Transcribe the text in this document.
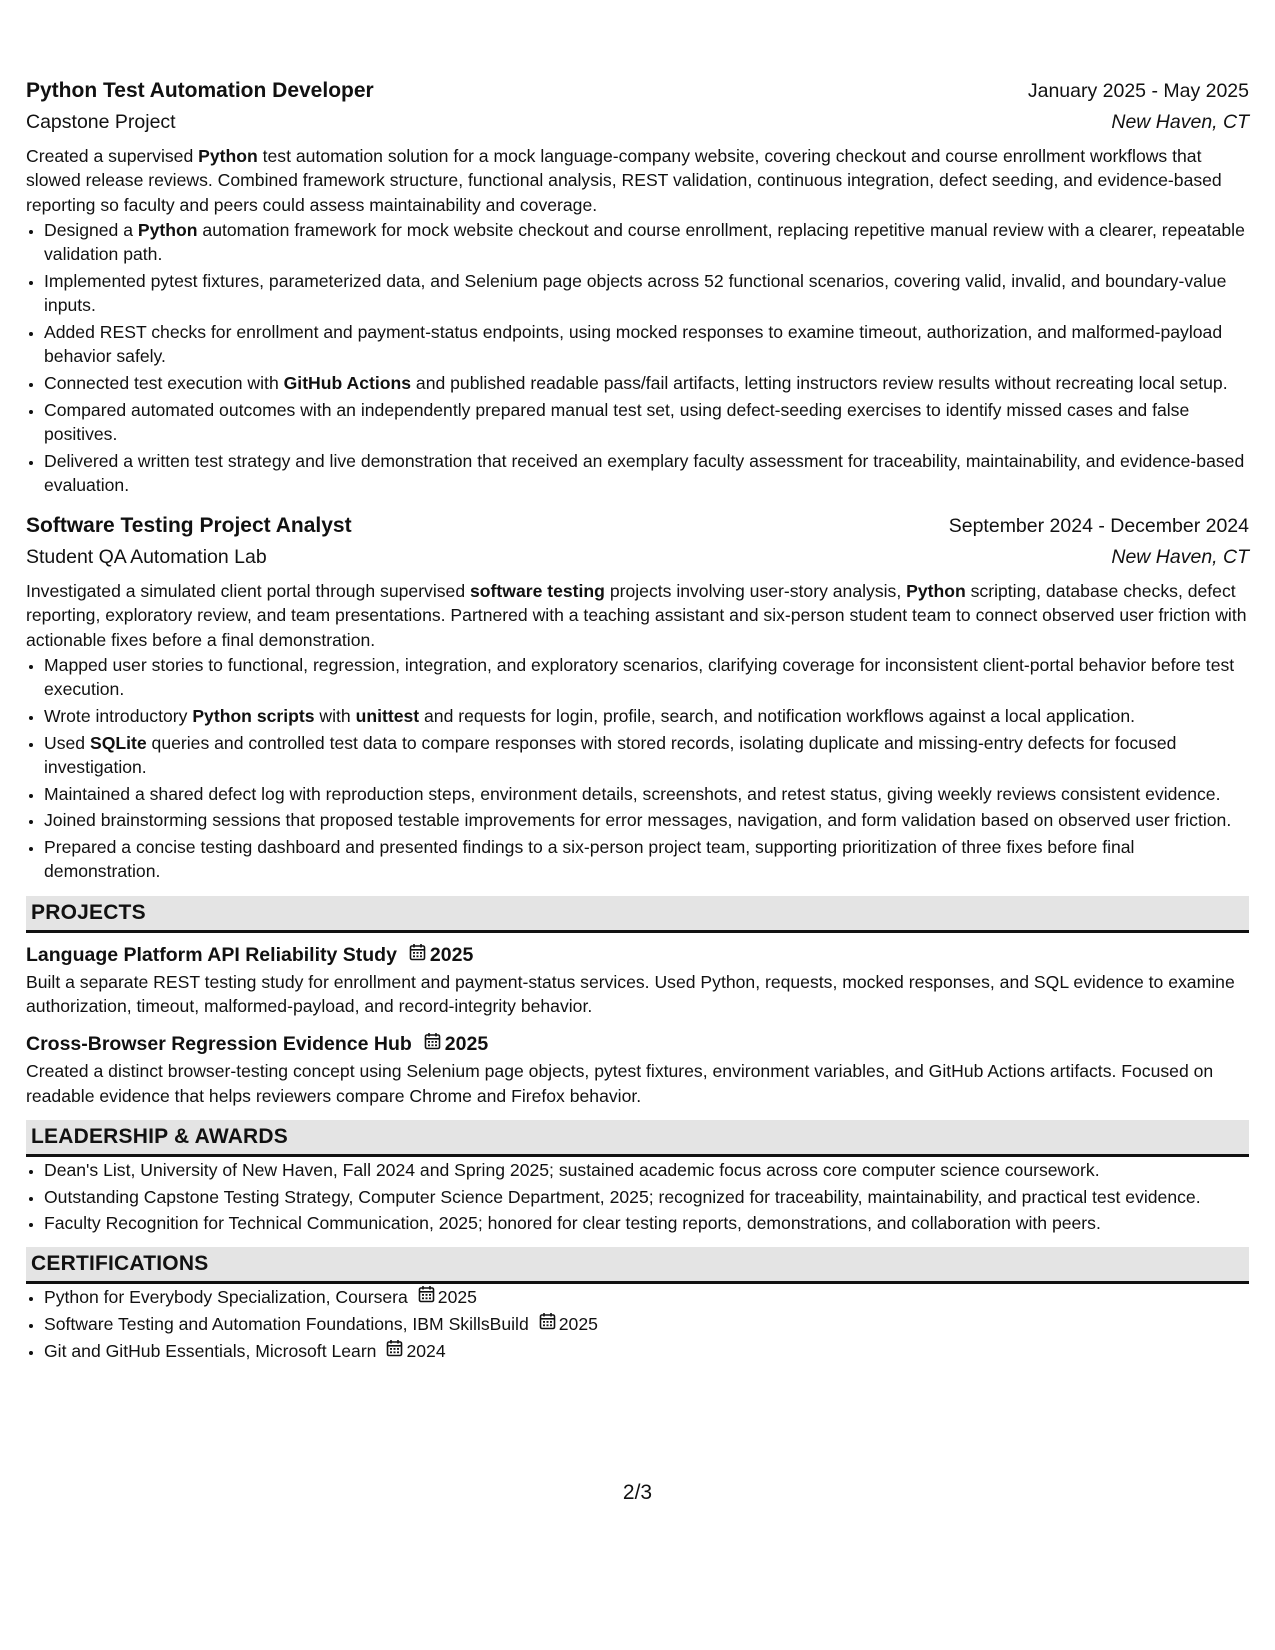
Python Test Automation Developer	January 2025 - May 2025
Capstone Project	New Haven, CT
Created a supervised Python test automation solution for a mock language-company website, covering checkout and course enrollment workflows that slowed release reviews. Combined framework structure, functional analysis, REST validation, continuous integration, defect seeding, and evidence-based reporting so faculty and peers could assess maintainability and coverage.
• Designed a Python automation framework for mock website checkout and course enrollment, replacing repetitive manual review with a clearer, repeatable validation path.
• Implemented pytest fixtures, parameterized data, and Selenium page objects across 52 functional scenarios, covering valid, invalid, and boundary-value inputs.
• Added REST checks for enrollment and payment-status endpoints, using mocked responses to examine timeout, authorization, and malformed-payload behavior safely.
• Connected test execution with GitHub Actions and published readable pass/fail artifacts, letting instructors review results without recreating local setup.
• Compared automated outcomes with an independently prepared manual test set, using defect-seeding exercises to identify missed cases and false positives.
• Delivered a written test strategy and live demonstration that received an exemplary faculty assessment for traceability, maintainability, and evidence-based evaluation.
Software Testing Project Analyst	September 2024 - December 2024
Student QA Automation Lab	New Haven, CT
Investigated a simulated client portal through supervised software testing projects involving user-story analysis, Python scripting, database checks, defect reporting, exploratory review, and team presentations. Partnered with a teaching assistant and six-person student team to connect observed user friction with actionable fixes before a final demonstration.
• Mapped user stories to functional, regression, integration, and exploratory scenarios, clarifying coverage for inconsistent client-portal behavior before test execution.
• Wrote introductory Python scripts with unittest and requests for login, profile, search, and notification workflows against a local application.
• Used SQLite queries and controlled test data to compare responses with stored records, isolating duplicate and missing-entry defects for focused investigation.
• Maintained a shared defect log with reproduction steps, environment details, screenshots, and retest status, giving weekly reviews consistent evidence.
• Joined brainstorming sessions that proposed testable improvements for error messages, navigation, and form validation based on observed user friction.
• Prepared a concise testing dashboard and presented findings to a six-person project team, supporting prioritization of three fixes before final demonstration.
PROJECTS
Language Platform API Reliability Study 2025
Built a separate REST testing study for enrollment and payment-status services. Used Python, requests, mocked responses, and SQL evidence to examine authorization, timeout, malformed-payload, and record-integrity behavior.
Cross-Browser Regression Evidence Hub 2025
Created a distinct browser-testing concept using Selenium page objects, pytest fixtures, environment variables, and GitHub Actions artifacts. Focused on readable evidence that helps reviewers compare Chrome and Firefox behavior.
LEADERSHIP & AWARDS
• Dean's List, University of New Haven, Fall 2024 and Spring 2025; sustained academic focus across core computer science coursework.
• Outstanding Capstone Testing Strategy, Computer Science Department, 2025; recognized for traceability, maintainability, and practical test evidence.
• Faculty Recognition for Technical Communication, 2025; honored for clear testing reports, demonstrations, and collaboration with peers.
CERTIFICATIONS
• Python for Everybody Specialization, Coursera 2025
• Software Testing and Automation Foundations, IBM SkillsBuild 2025
• Git and GitHub Essentials, Microsoft Learn 2024
2/3
